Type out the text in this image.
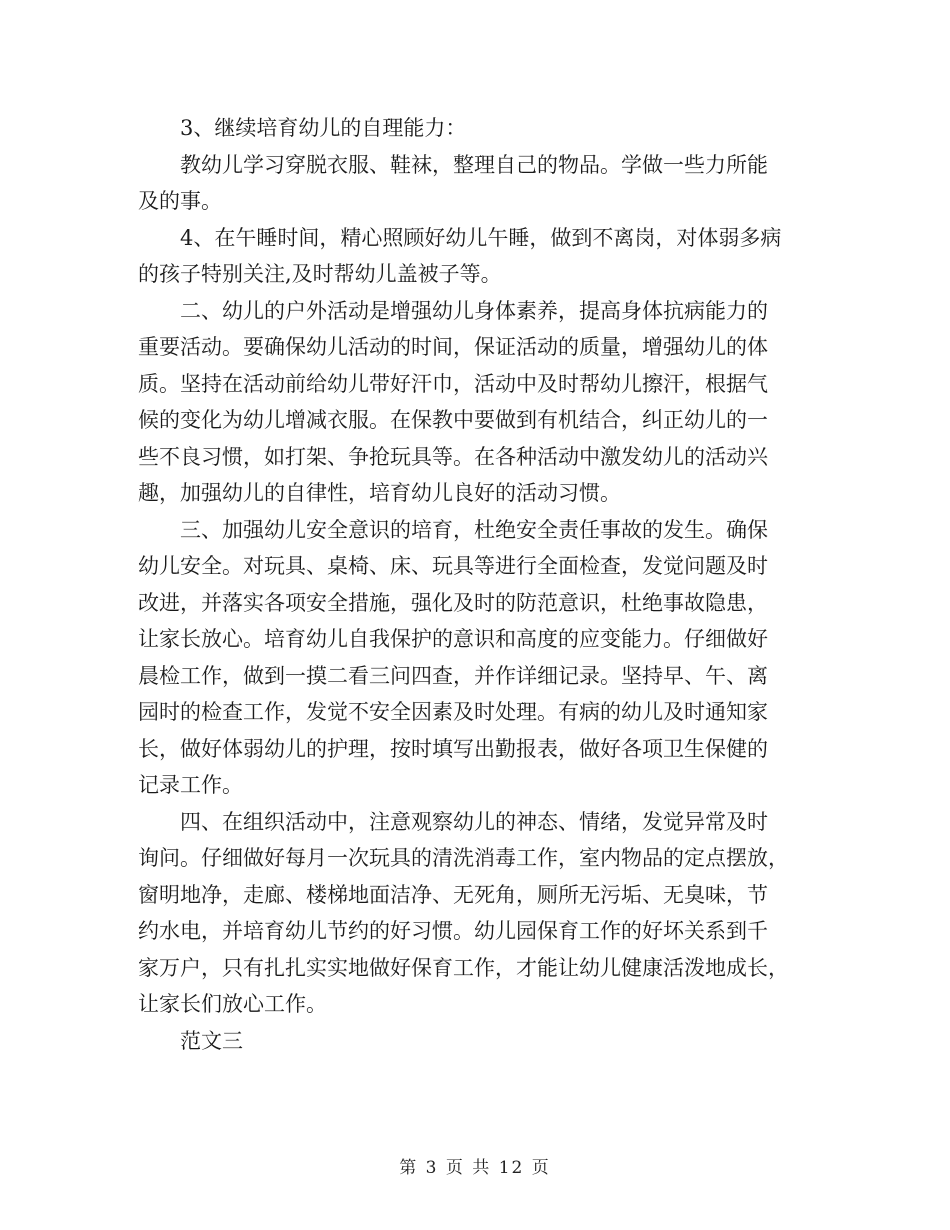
3、继续培育幼儿的自理能力：

教幼儿学习穿脱衣服、鞋袜，整理自己的物品。学做一些力所能
及的事。

4、在午睡时间，精心照顾好幼儿午睡，做到不离岗，对体弱多病
的孩子特别关注,及时帮幼儿盖被子等。

二、幼儿的户外活动是增强幼儿身体素养，提高身体抗病能力的
重要活动。要确保幼儿活动的时间，保证活动的质量，增强幼儿的体
质。坚持在活动前给幼儿带好汗巾，活动中及时帮幼儿擦汗，根据气
候的变化为幼儿增减衣服。在保教中要做到有机结合，纠正幼儿的一
些不良习惯，如打架、争抢玩具等。在各种活动中激发幼儿的活动兴
趣，加强幼儿的自律性，培育幼儿良好的活动习惯。

三、加强幼儿安全意识的培育，杜绝安全责任事故的发生。确保
幼儿安全。对玩具、桌椅、床、玩具等进行全面检查，发觉问题及时
改进，并落实各项安全措施，强化及时的防范意识，杜绝事故隐患，
让家长放心。培育幼儿自我保护的意识和高度的应变能力。仔细做好
晨检工作，做到一摸二看三问四查，并作详细记录。坚持早、午、离
园时的检查工作，发觉不安全因素及时处理。有病的幼儿及时通知家
长，做好体弱幼儿的护理，按时填写出勤报表，做好各项卫生保健的
记录工作。

四、在组织活动中，注意观察幼儿的神态、情绪，发觉异常及时
询问。仔细做好每月一次玩具的清洗消毒工作，室内物品的定点摆放，
窗明地净，走廊、楼梯地面洁净、无死角，厕所无污垢、无臭味，节
约水电，并培育幼儿节约的好习惯。幼儿园保育工作的好坏关系到千
家万户，只有扎扎实实地做好保育工作，才能让幼儿健康活泼地成长，
让家长们放心工作。

范文三

第 3 页 共 12 页
